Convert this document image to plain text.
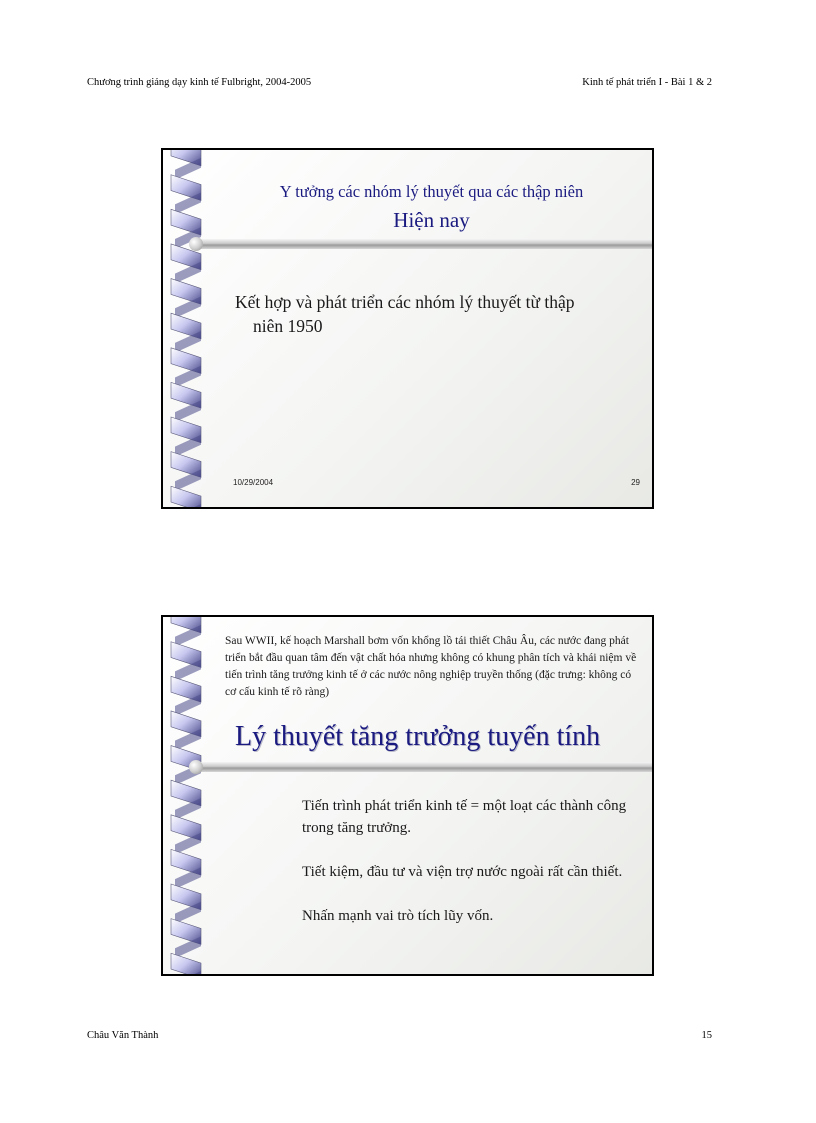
Chương trình giảng dạy kinh tế Fulbright, 2004-2005	Kinh tế phát triển I - Bài 1 & 2
Y tưởng các nhóm lý thuyết qua các thập niên
Hiện nay
Kết hợp và phát triển các nhóm lý thuyết từ thập
niên 1950
10/29/2004	29
Sau WWII, kế hoạch Marshall bơm vốn khổng lồ tái thiết Châu Âu, các nước đang phát triển bắt đầu quan tâm đến vật chất hóa nhưng không có khung phân tích và khái niệm về tiến trình tăng trưởng kinh tế ở các nước nông nghiệp truyền thống (đặc trưng: không có cơ cấu kinh tế rõ ràng)
Lý thuyết tăng trưởng tuyến tính

Tiến trình phát triển kinh tế = một loạt các thành công trong tăng trưởng.

Tiết kiệm, đầu tư và viện trợ nước ngoài rất cần thiết.

Nhấn mạnh vai trò tích lũy vốn.

Châu Văn Thành	15
